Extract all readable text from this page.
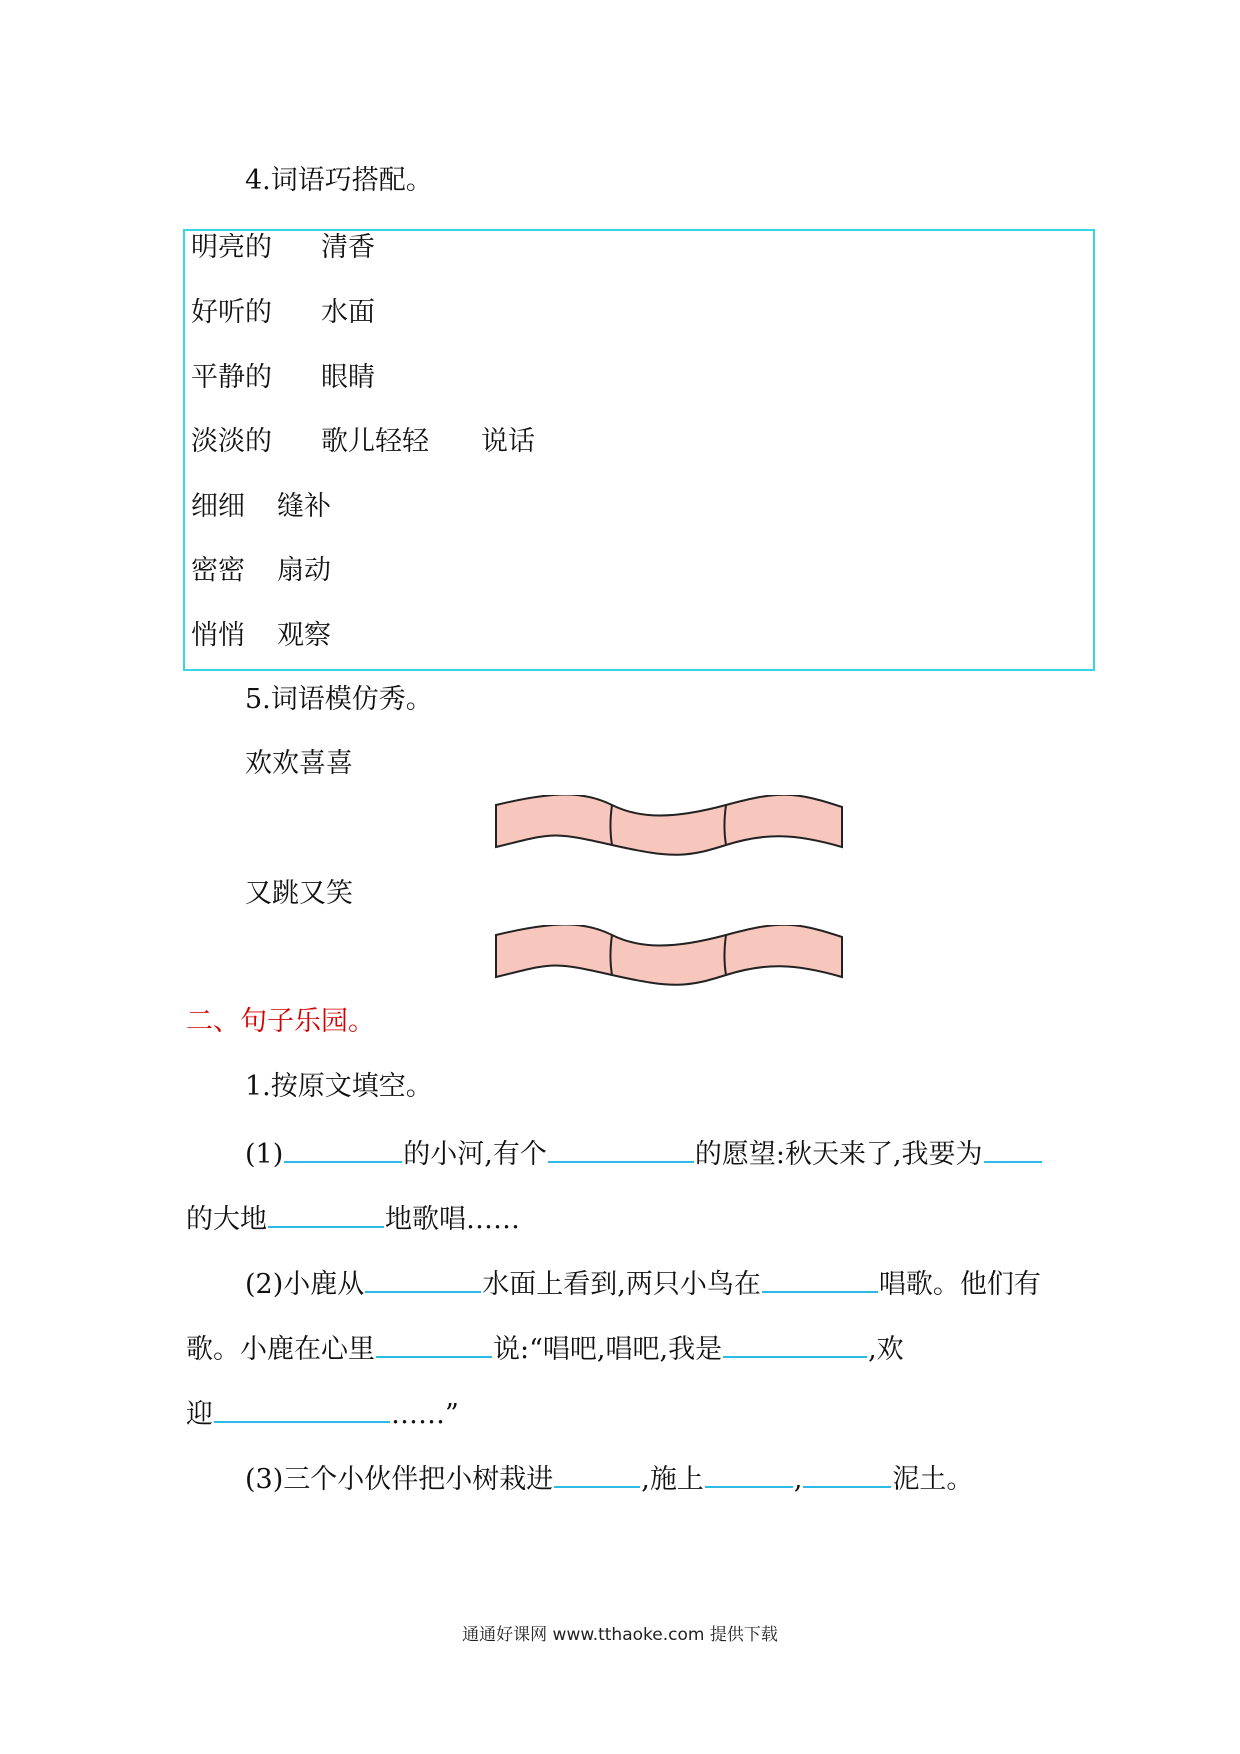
4.词语巧搭配。
明亮的 清香
好听的 水面
平静的 眼睛
淡淡的 歌儿轻轻 说话
细细 缝补
密密 扇动
悄悄 观察
5.词语模仿秀。
欢欢喜喜
又跳又笑
二、句子乐园。
1.按原文填空。
(1)	的小河,有个	的愿望:秋天来了,我要为
的大地	地歌唱……
(2)小鹿从	水面上看到,两只小鸟在	唱歌。他们有
歌。小鹿在心里	说:“唱吧,唱吧,我是	,欢
迎	……”
(3)三个小伙伴把小树栽进	,施上	,	泥土。
通通好课网 www.tthaoke.com 提供下载
